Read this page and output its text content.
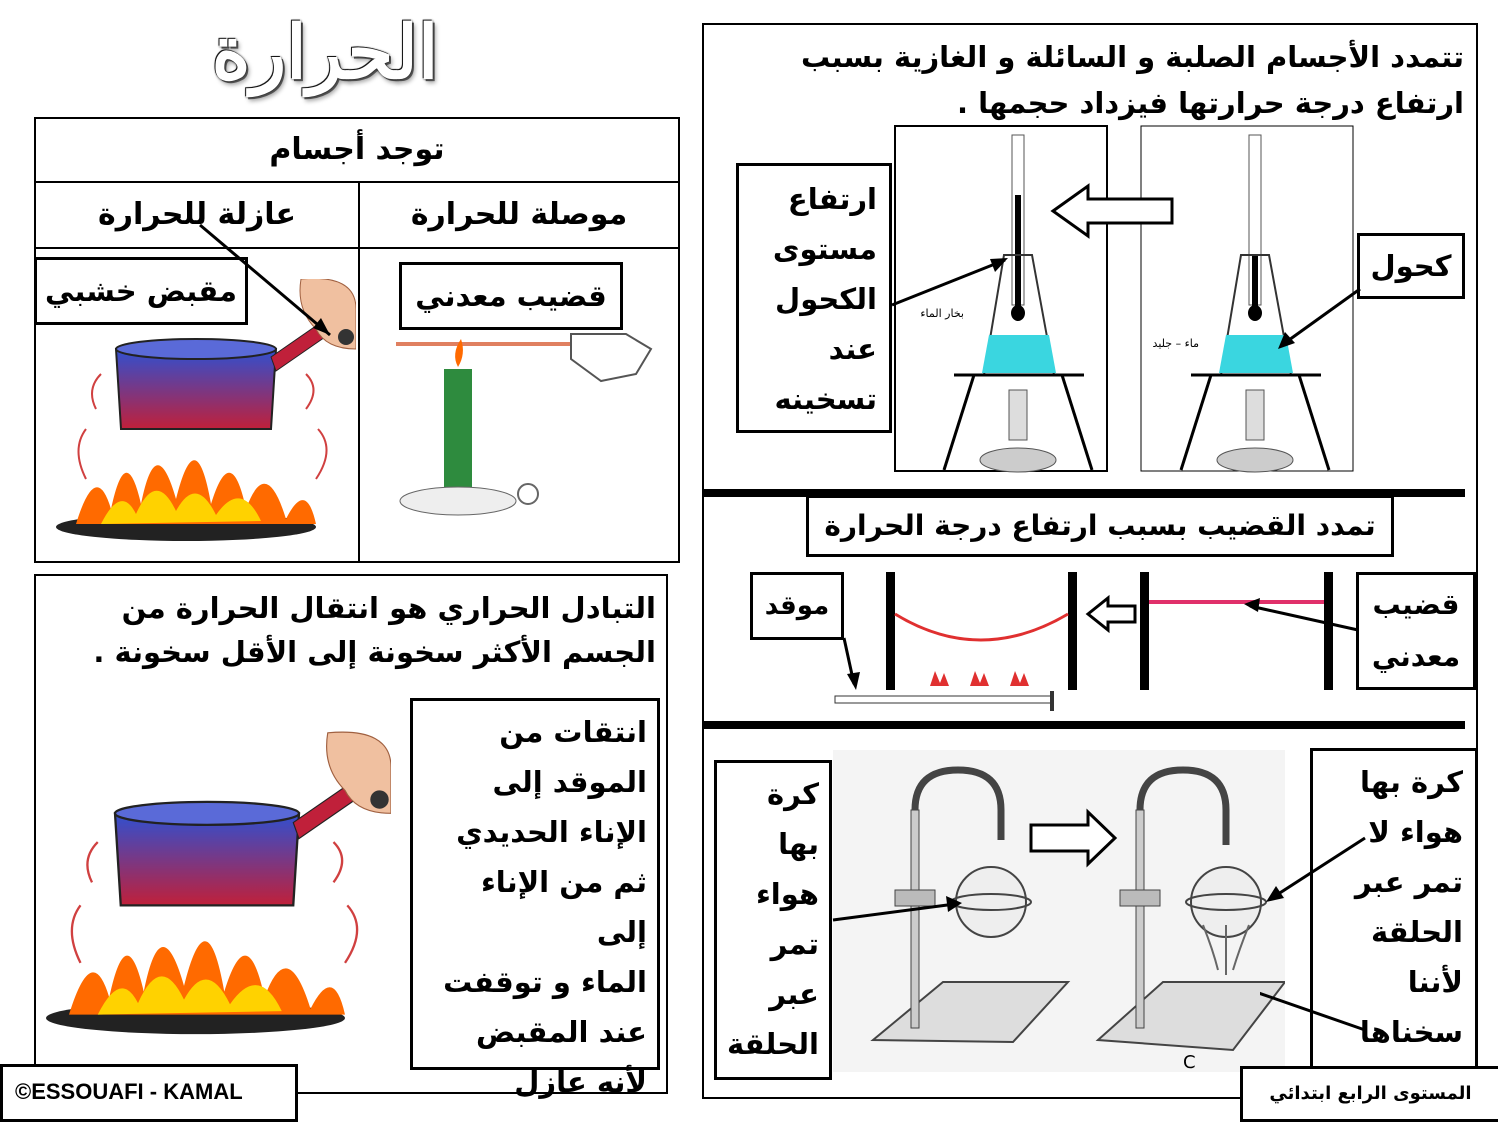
الحرارة
توجد أجسام
عازلة للحرارة	موصلة للحرارة
مقبض خشبي	قضيب معدني
التبادل الحراري هو انتقال الحرارة من الجسم الأكثر سخونة إلى الأقل سخونة .
انتقات من
الموقد إلى
الإناء الحديدي
ثم من الإناء إلى
الماء و توقفت
عند المقبض
لأنه عازل
تتمدد الأجسام الصلبة و السائلة و الغازية بسبب ارتفاع درجة حرارتها فيزداد حجمها .
بخار الماء
ماء – جليد
ارتفاع
مستوى
الكحول
عند
تسخينه
كحول
تمدد القضيب بسبب ارتفاع درجة الحرارة
موقد	قضيب
معدني
C
كرة
بها
هواء
تمر
عبر
الحلقة
كرة بها
هواء لا
تمر عبر
الحلقة
لأننا
سخناها
©ESSOUAFI - KAMAL	المستوى الرابع ابتدائي
